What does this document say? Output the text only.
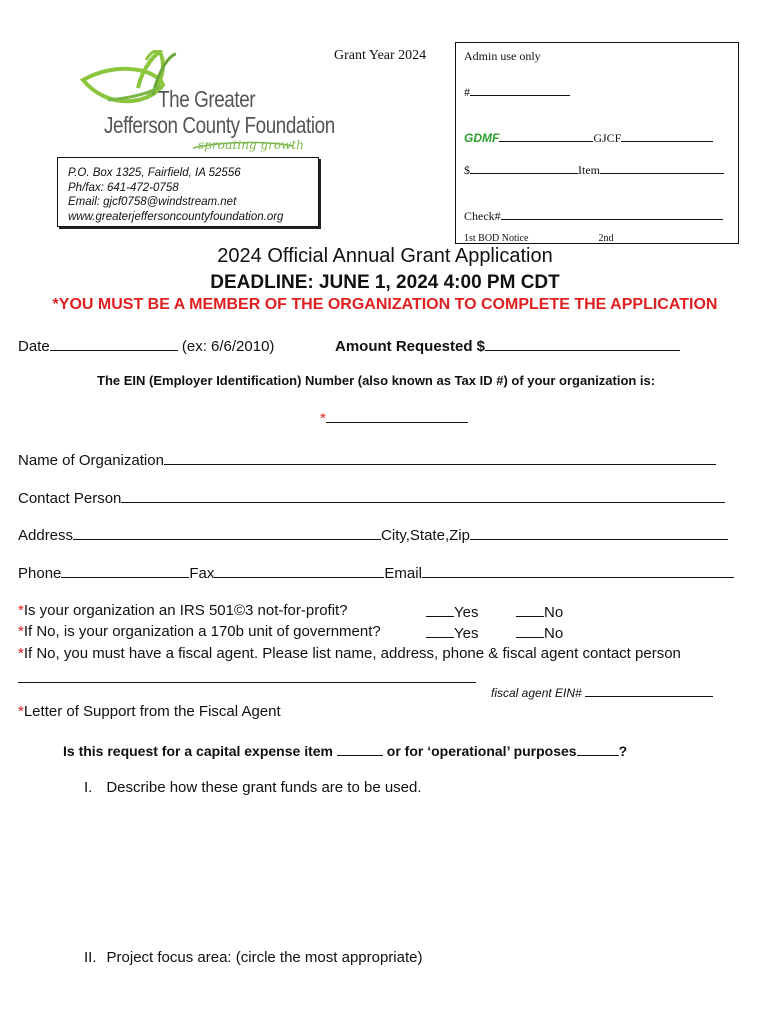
Grant Year 2024
The Greater
Jefferson County Foundation
sprouting growth
P.O. Box 1325, Fairfield, IA 52556
Ph/fax: 641-472-0758
Email: gjcf0758@windstream.net
www.greaterjeffersoncountyfoundation.org
Admin use only
#
GDMF	GJCF
$	Item
Check#
1st BOD Notice	2nd
2024 Official Annual Grant Application
DEADLINE: JUNE 1, 2024 4:00 PM CDT
*YOU MUST BE A MEMBER OF THE ORGANIZATION TO COMPLETE THE APPLICATION
Date	(ex: 6/6/2010)	Amount Requested $
The EIN (Employer Identification) Number (also known as Tax ID #) of your organization is:
*
Name of Organization
Contact Person
Address	City,State,Zip
Phone	Fax	Email
*Is your organization an IRS 501©3 not-for-profit?	Yes	No
*If No, is your organization a 170b unit of government?	Yes	No
*If No, you must have a fiscal agent. Please list name, address, phone & fiscal agent contact person
fiscal agent EIN#
*Letter of Support from the Fiscal Agent
Is this request for a capital expense item	or for ‘operational’ purposes	?
I. Describe how these grant funds are to be used.
II. Project focus area: (circle the most appropriate)
